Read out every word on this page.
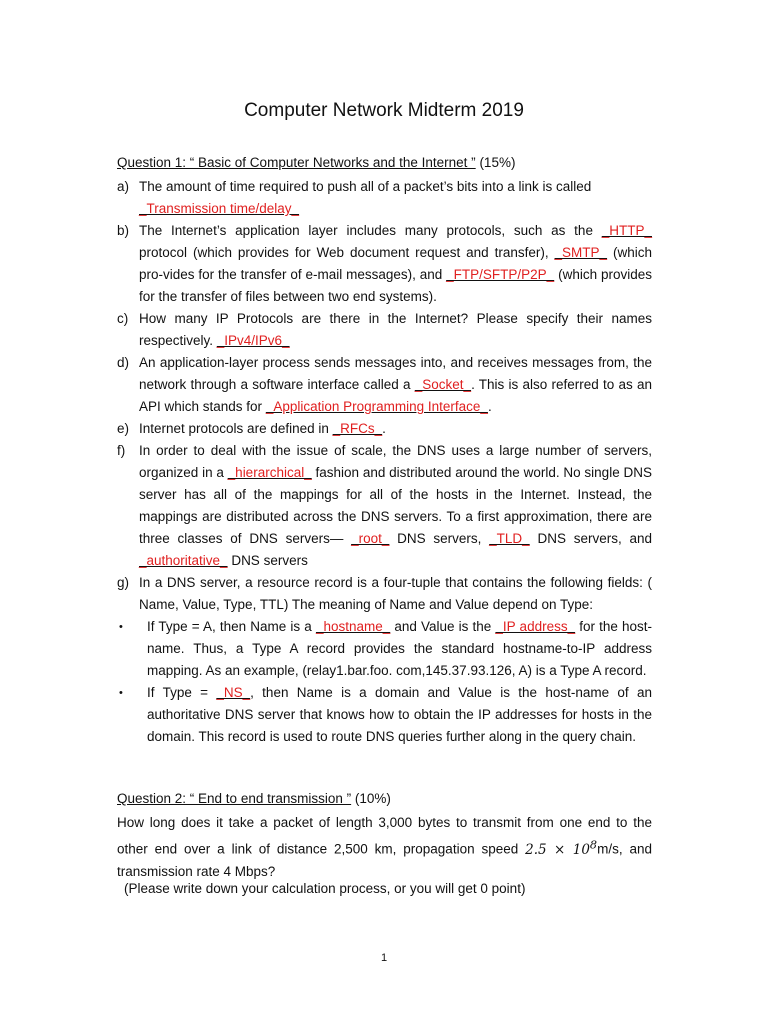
Computer Network Midterm 2019
Question 1: “ Basic of Computer Networks and the Internet ” (15%)
a) The amount of time required to push all of a packet’s bits into a link is called
_Transmission time/delay_
b) The Internet’s application layer includes many protocols, such as the _HTTP_ protocol (which provides for Web document request and transfer), _SMTP_ (which pro-vides for the transfer of e-mail messages), and _FTP/SFTP/P2P_ (which provides for the transfer of files between two end systems).
c) How many IP Protocols are there in the Internet? Please specify their names respectively. _IPv4/IPv6_
d) An application-layer process sends messages into, and receives messages from, the network through a software interface called a _Socket_. This is also referred to as an API which stands for _Application Programming Interface_.
e) Internet protocols are defined in _RFCs_.
f)	In order to deal with the issue of scale, the DNS uses a large number of servers, organized in a _hierarchical_ fashion and distributed around the world. No single DNS server has all of the mappings for all of the hosts in the Internet. Instead, the mappings are distributed across the DNS servers. To a first approximation, there are three classes of DNS servers— _root_ DNS servers, _TLD_ DNS servers, and _authoritative_ DNS servers
g) In a DNS server, a resource record is a four-tuple that contains the following fields: ( Name, Value, Type, TTL) The meaning of Name and Value depend on Type:
• If Type = A, then Name is a _hostname_ and Value is the _IP address_ for the host-name. Thus, a Type A record provides the standard hostname-to-IP address mapping. As an example, (relay1.bar.foo. com,145.37.93.126, A) is a Type A record.
• If Type = _NS_, then Name is a domain and Value is the host-name of an authoritative DNS server that knows how to obtain the IP addresses for hosts in the domain. This record is used to route DNS queries further along in the query chain.
Question 2: “ End to end transmission ” (10%)
How long does it take a packet of length 3,000 bytes to transmit from one end to the other end over a link of distance 2,500 km, propagation speed $2.5 \times 10^8m/s$, and transmission rate 4 Mbps?
(Please write down your calculation process, or you will get 0 point)
1
